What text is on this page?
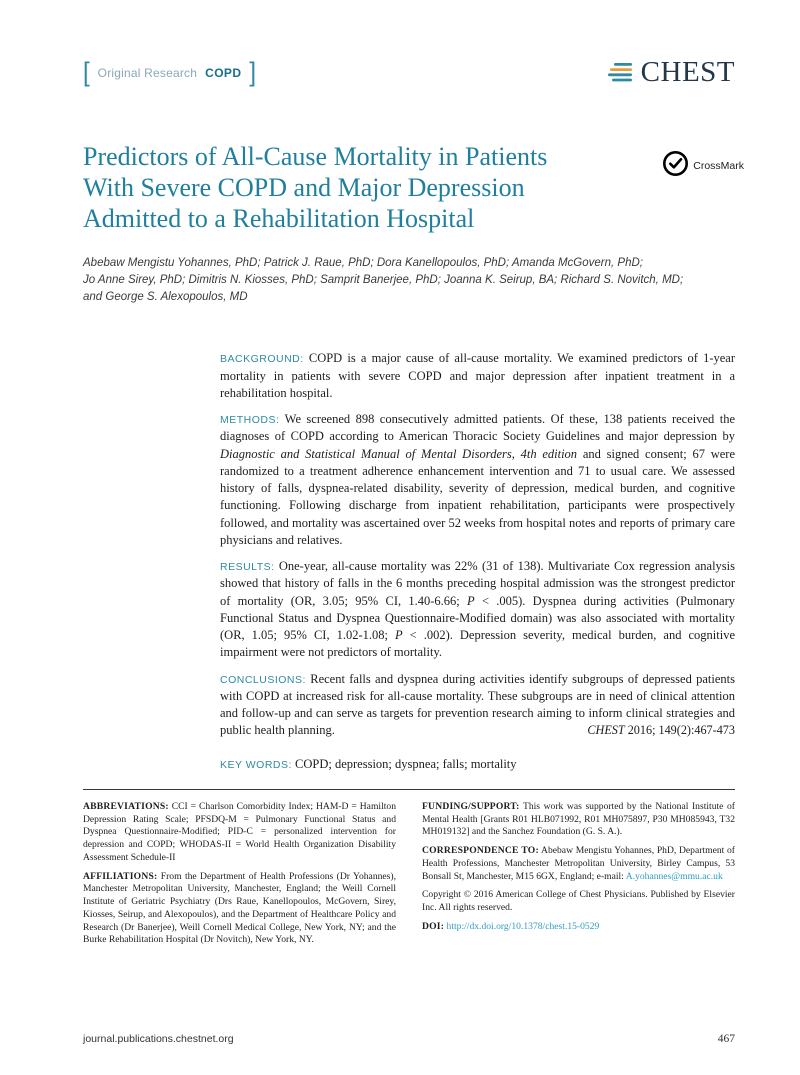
[ Original Research COPD ]	CHEST
Predictors of All-Cause Mortality in Patients
With Severe COPD and Major Depression
Admitted to a Rehabilitation Hospital
CrossMark
Abebaw Mengistu Yohannes, PhD; Patrick J. Raue, PhD; Dora Kanellopoulos, PhD; Amanda McGovern, PhD;
Jo Anne Sirey, PhD; Dimitris N. Kiosses, PhD; Samprit Banerjee, PhD; Joanna K. Seirup, BA; Richard S. Novitch, MD;
and George S. Alexopoulos, MD

BACKGROUND: COPD is a major cause of all-cause mortality. We examined predictors of 1-year mortality in patients with severe COPD and major depression after inpatient treatment in a rehabilitation hospital.

METHODS: We screened 898 consecutively admitted patients. Of these, 138 patients received the diagnoses of COPD according to American Thoracic Society Guidelines and major depression by Diagnostic and Statistical Manual of Mental Disorders, 4th edition and signed consent; 67 were randomized to a treatment adherence enhancement intervention and 71 to usual care. We assessed history of falls, dyspnea-related disability, severity of depression, medical burden, and cognitive functioning. Following discharge from inpatient rehabilitation, participants were prospectively followed, and mortality was ascertained over 52 weeks from hospital notes and reports of primary care physicians and relatives.

RESULTS: One-year, all-cause mortality was 22% (31 of 138). Multivariate Cox regression analysis showed that history of falls in the 6 months preceding hospital admission was the strongest predictor of mortality (OR, 3.05; 95% CI, 1.40-6.66; P < .005). Dyspnea during activities (Pulmonary Functional Status and Dyspnea Questionnaire-Modified domain) was also associated with mortality (OR, 1.05; 95% CI, 1.02-1.08; P < .002). Depression severity, medical burden, and cognitive impairment were not predictors of mortality.

CONCLUSIONS: Recent falls and dyspnea during activities identify subgroups of depressed patients with COPD at increased risk for all-cause mortality. These subgroups are in need of clinical attention and follow-up and can serve as targets for prevention research aiming to inform clinical strategies and public health planning.	CHEST 2016; 149(2):467-473

KEY WORDS: COPD; depression; dyspnea; falls; mortality

ABBREVIATIONS: CCI = Charlson Comorbidity Index; HAM-D = Hamilton Depression Rating Scale; PFSDQ-M = Pulmonary Functional Status and Dyspnea Questionnaire-Modified; PID-C = personalized intervention for depression and COPD; WHODAS-II = World Health Organization Disability Assessment Schedule-II

AFFILIATIONS: From the Department of Health Professions (Dr Yohannes), Manchester Metropolitan University, Manchester, England; the Weill Cornell Institute of Geriatric Psychiatry (Drs Raue, Kanellopoulos, McGovern, Sirey, Kiosses, Seirup, and Alexopoulos), and the Department of Healthcare Policy and Research (Dr Banerjee), Weill Cornell Medical College, New York, NY; and the Burke Rehabilitation Hospital (Dr Novitch), New York, NY.

FUNDING/SUPPORT: This work was supported by the National Institute of Mental Health [Grants R01 HLB071992, R01 MH075897, P30 MH085943, T32 MH019132] and the Sanchez Foundation (G. S. A.).

CORRESPONDENCE TO: Abebaw Mengistu Yohannes, PhD, Department of Health Professions, Manchester Metropolitan University, Birley Campus, 53 Bonsall St, Manchester, M15 6GX, England; e-mail: A.yohannes@mmu.ac.uk

Copyright © 2016 American College of Chest Physicians. Published by Elsevier Inc. All rights reserved.

DOI: http://dx.doi.org/10.1378/chest.15-0529

journal.publications.chestnet.org	467
